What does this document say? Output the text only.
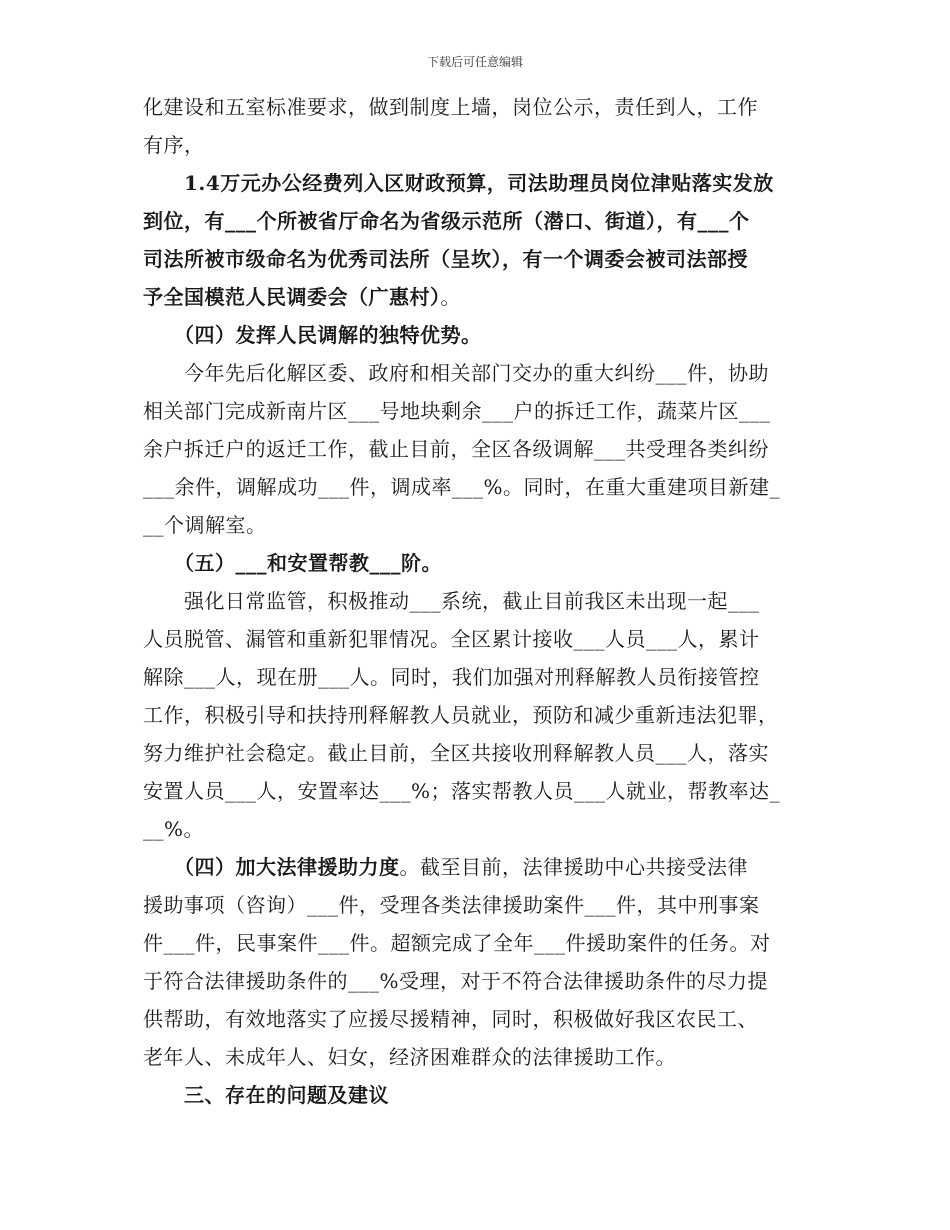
下载后可任意编辑
化建设和五室标准要求，做到制度上墙，岗位公示，责任到人，工作
有序，
　　1.4万元办公经费列入区财政预算，司法助理员岗位津贴落实发放
到位，有___个所被省厅命名为省级示范所（潜口、街道），有___个
司法所被市级命名为优秀司法所（呈坎），有一个调委会被司法部授
予全国模范人民调委会（广惠村）。
　　（四）发挥人民调解的独特优势。
　　今年先后化解区委、政府和相关部门交办的重大纠纷___件，协助
相关部门完成新南片区___号地块剩余___户的拆迁工作，蔬菜片区___
余户拆迁户的返迁工作，截止目前，全区各级调解___共受理各类纠纷
___余件，调解成功___件，调成率___%。同时，在重大重建项目新建_
__个调解室。
　　（五）___和安置帮教___阶。
　　强化日常监管，积极推动___系统，截止目前我区未出现一起___
人员脱管、漏管和重新犯罪情况。全区累计接收___人员___人，累计
解除___人，现在册___人。同时，我们加强对刑释解教人员衔接管控
工作，积极引导和扶持刑释解教人员就业，预防和减少重新违法犯罪，
努力维护社会稳定。截止目前，全区共接收刑释解教人员___人，落实
安置人员___人，安置率达___%；落实帮教人员___人就业，帮教率达_
__%。
　　（四）加大法律援助力度。截至目前，法律援助中心共接受法律
援助事项（咨询）___件，受理各类法律援助案件___件，其中刑事案
件___件，民事案件___件。超额完成了全年___件援助案件的任务。对
于符合法律援助条件的___%受理，对于不符合法律援助条件的尽力提
供帮助，有效地落实了应援尽援精神，同时，积极做好我区农民工、
老年人、未成年人、妇女，经济困难群众的法律援助工作。
　　三、存在的问题及建议
